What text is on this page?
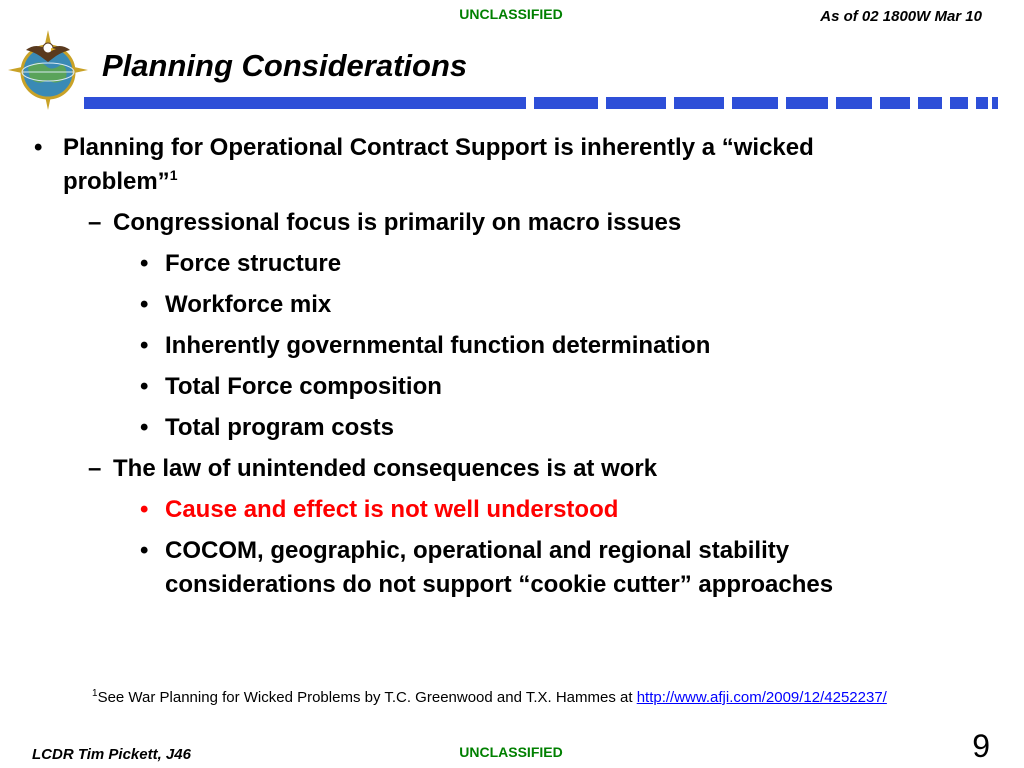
UNCLASSIFIED	As of 02 1800W Mar 10
Planning Considerations
• Planning for Operational Contract Support is inherently a “wicked
problem”$^1$
– Congressional focus is primarily on macro issues
• Force structure
• Workforce mix
• Inherently governmental function determination
• Total Force composition
• Total program costs
– The law of unintended consequences is at work
• Cause and effect is not well understood
• COCOM, geographic, operational and regional stability
considerations do not support “cookie cutter” approaches
$^1$See War Planning for Wicked Problems by T.C. Greenwood and T.X. Hammes at http://www.afji.com/2009/12/4252237/
LCDR Tim Pickett, J46	UNCLASSIFIED	9
